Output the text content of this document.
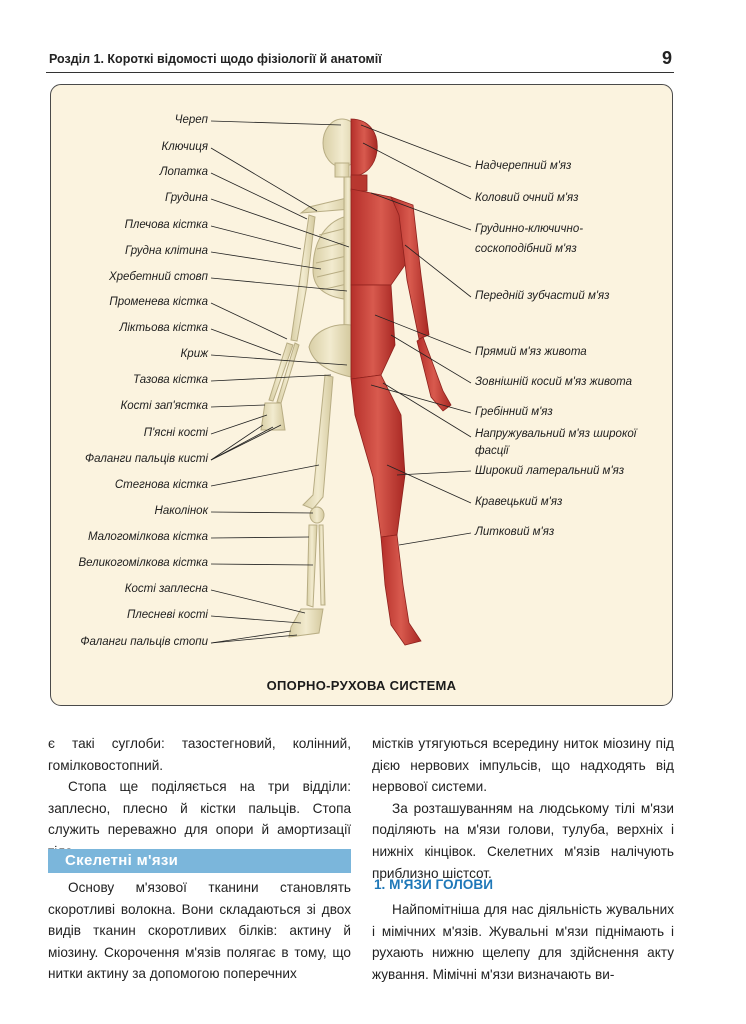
Розділ 1. Короткі відомості щодо фізіології й анатомії	9
Череп
Ключиця
Лопатка
Грудина
Плечова кістка
Грудна клітина
Хребетний стовп
Променева кістка
Ліктьова кістка
Криж
Тазова кістка
Кості зап'ястка
П'ясні кості
Фаланги пальців кисті
Стегнова кістка
Наколінок
Малогомілкова кістка
Великогомілкова кістка
Кості заплесна
Плесневі кості
Фаланги пальців стопи
Надчерепний м'яз
Коловий очний м'яз
Грудинно-ключично-
соскоподібний м'яз
Передній зубчастий м'яз
Прямий м'яз живота
Зовнішній косий м'яз живота
Гребінний м'яз
Напружувальний м'яз широкої
фасції
Широкий латеральний м'яз
Кравецький м'яз
Литковий м'яз
ОПОРНО-РУХОВА СИСТЕМА

є такі суглоби: тазостегновий, колінний, гомілковостопний.

Стопа ще поділяється на три відділи: заплесно, плесно й кістки пальців. Стопа служить переважно для опори й амортизації

Скелетні м'язи

Основу м'язової тканини становлять скоротливі волокна. Вони складаються зі двох видів тканин скоротливих білків: актину й міозину. Скорочення м'язів полягає в тому, що нитки актину за допомогою поперечних

містків утягуються всередину ниток міозину під дією нервових імпульсів, що надходять від нервової системи.

За розташуванням на людському тілі м'язи поділяють на м'язи голови, тулуба, верхніх і нижніх кінцівок. Скелетних м'язів налічують приблизно шістсот.

1. М'ЯЗИ ГОЛОВИ

Найпомітніша для нас діяльність жувальних і мімічних м'язів. Жувальні м'язи піднімають і рухають нижню щелепу для здійснення акту жування. Мімічні м'язи визначають ви-
